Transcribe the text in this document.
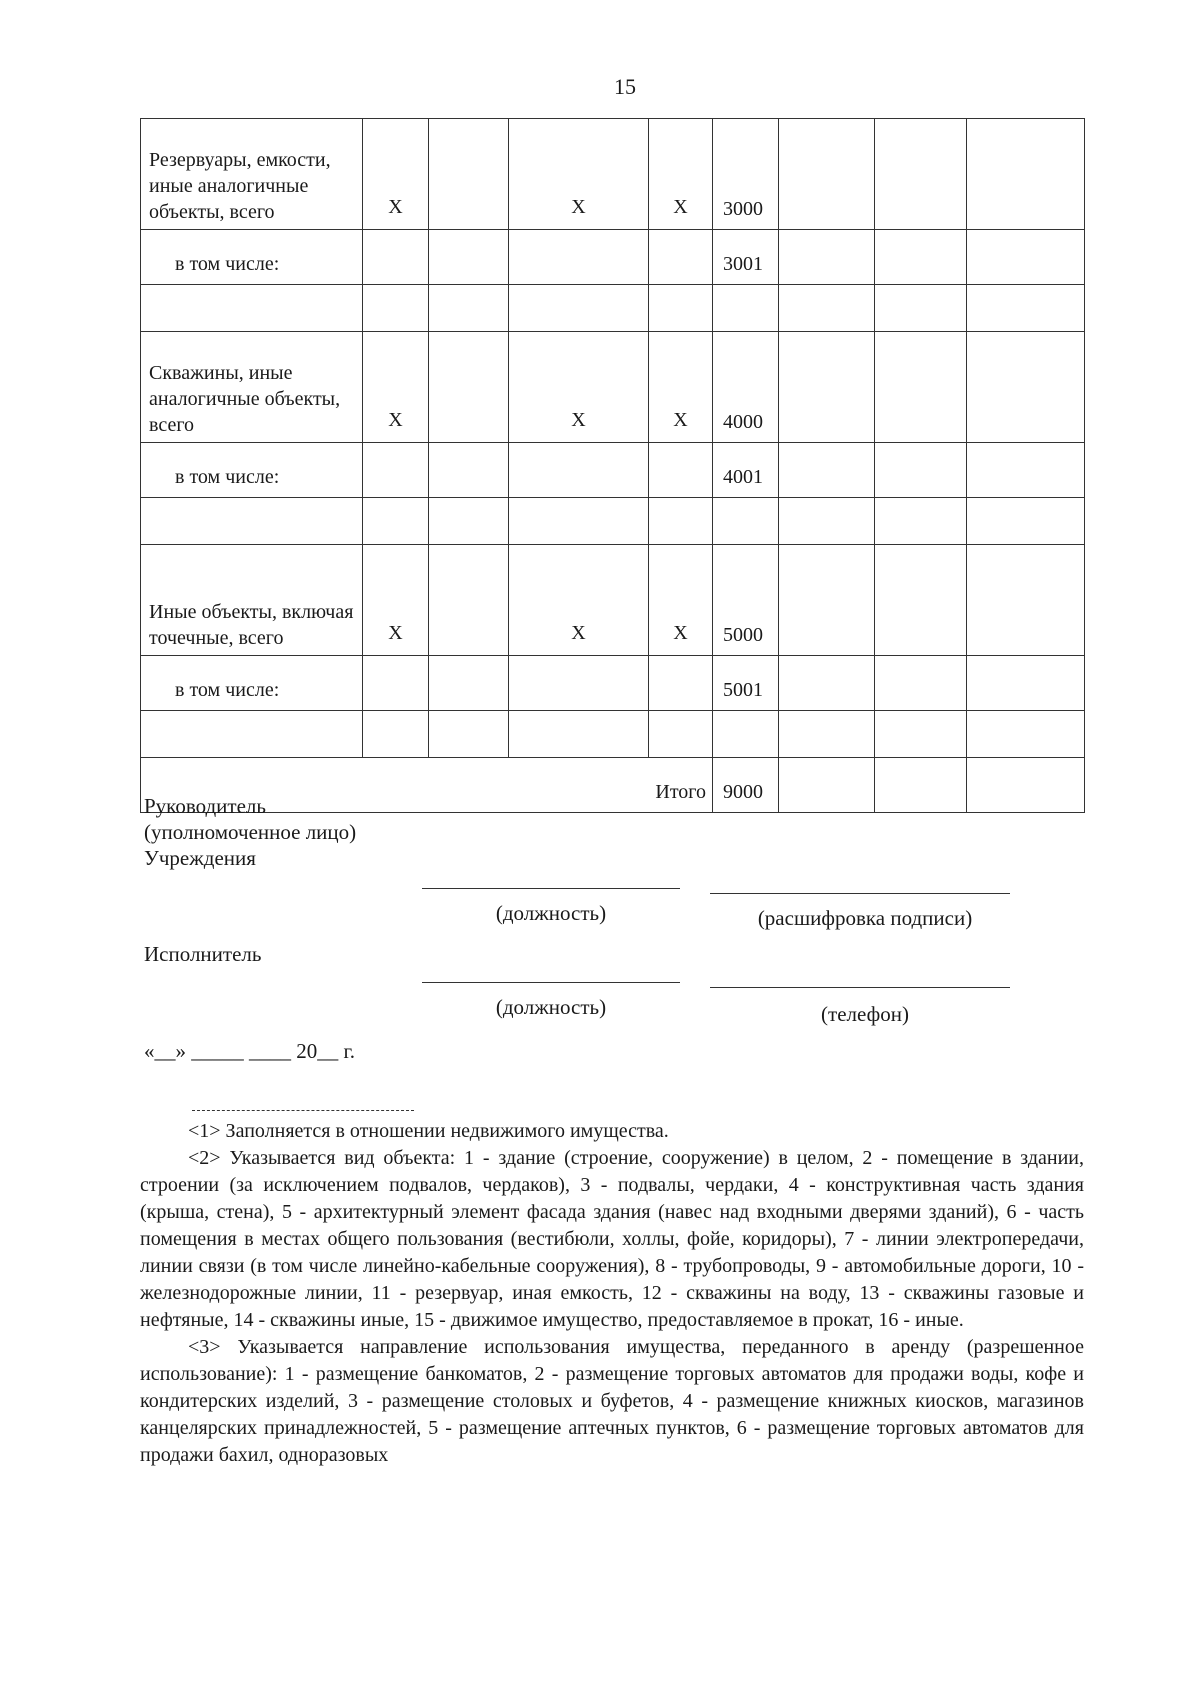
15
Резервуары, емкости, иные аналогичные объекты, всего	X		X	X	3000			
в том числе:					3001			

Скважины, иные аналогичные объекты, всего	X		X	X	4000			
в том числе:					4001			

Иные объекты, включая точечные, всего	X		X	X	5000			
в том числе:					5001			

Итого					9000			
Руководитель
(уполномоченное лицо)
Учреждения
(должность)	(расшифровка подписи)
Исполнитель
(должность)	(телефон)
«__» _____ ____ 20__ г.

<1> Заполняется в отношении недвижимого имущества.

<2> Указывается вид объекта: 1 - здание (строение, сооружение) в целом, 2 - помещение в здании, строении (за исключением подвалов, чердаков), 3 - подвалы, чердаки, 4 - конструктивная часть здания (крыша, стена), 5 - архитектурный элемент фасада здания (навес над входными дверями зданий), 6 - часть помещения в местах общего пользования (вестибюли, холлы, фойе, коридоры), 7 - линии электропередачи, линии связи (в том числе линейно-кабельные сооружения), 8 - трубопроводы, 9 - автомобильные дороги, 10 - железнодорожные линии, 11 - резервуар, иная емкость, 12 - скважины на воду, 13 - скважины газовые и нефтяные, 14 - скважины иные, 15 - движимое имущество, предоставляемое в прокат, 16 - иные.

<3> Указывается направление использования имущества, переданного в аренду (разрешенное использование): 1 - размещение банкоматов, 2 - размещение торговых автоматов для продажи воды, кофе и кондитерских изделий, 3 - размещение столовых и буфетов, 4 - размещение книжных киосков, магазинов канцелярских принадлежностей, 5 - размещение аптечных пунктов, 6 - размещение торговых автоматов для продажи бахил, одноразовых
